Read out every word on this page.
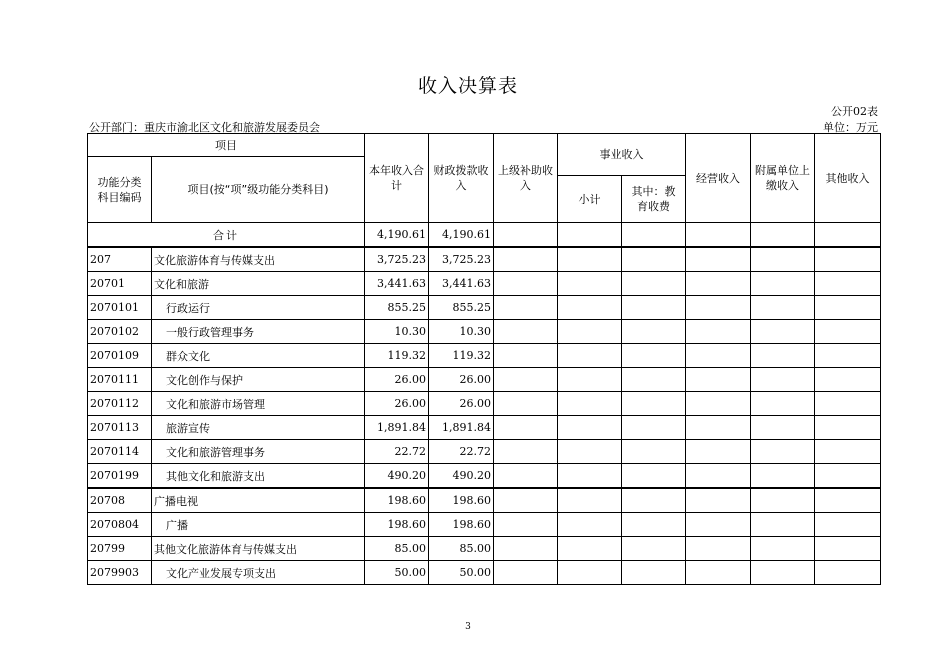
收入决算表
公开02表
公开部门：重庆市渝北区文化和旅游发展委员会	单位：万元
项目		本年收入合计	财政拨款收入	上级补助收入	事业收入		经营收入	附属单位上缴收入	其他收入
功能分类科目编码	项目(按“项”级功能分类科目)								
					小计	其中：教育收费			
合计		4,190.61	4,190.61						
207	文化旅游体育与传媒支出	3,725.23	3,725.23						
20701	文化和旅游	3,441.63	3,441.63						
2070101	行政运行	855.25	855.25						
2070102	一般行政管理事务	10.30	10.30						
2070109	群众文化	119.32	119.32						
2070111	文化创作与保护	26.00	26.00						
2070112	文化和旅游市场管理	26.00	26.00						
2070113	旅游宣传	1,891.84	1,891.84						
2070114	文化和旅游管理事务	22.72	22.72						
2070199	其他文化和旅游支出	490.20	490.20						
20708	广播电视	198.60	198.60						
2070804	广播	198.60	198.60						
20799	其他文化旅游体育与传媒支出	85.00	85.00						
2079903	文化产业发展专项支出	50.00	50.00						
3
